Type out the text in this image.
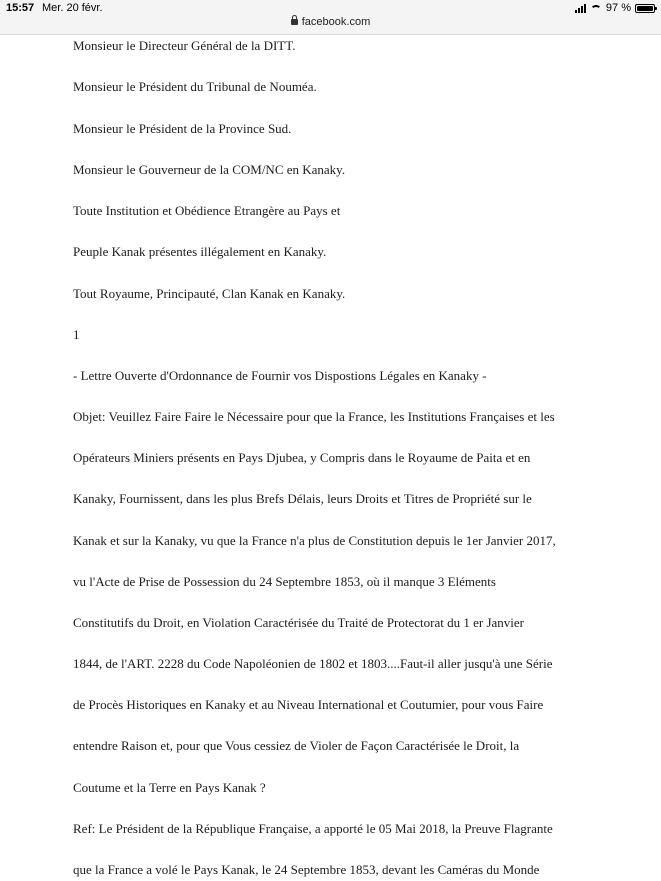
15:57 Mer. 20 févr.
facebook.com
97 %
Monsieur le Directeur Général de la DITT.
Monsieur le Président du Tribunal de Nouméa.
Monsieur le Président de la Province Sud.
Monsieur le Gouverneur de la COM/NC en Kanaky.
Toute Institution et Obédience Etrangère au Pays et
Peuple Kanak présentes illégalement en Kanaky.
Tout Royaume, Principauté, Clan Kanak en Kanaky.
1
- Lettre Ouverte d'Ordonnance de Fournir vos Dispostions Légales en Kanaky -
Objet: Veuillez Faire Faire le Nécessaire pour que la France, les Institutions Françaises et les
Opérateurs Miniers présents en Pays Djubea, y Compris dans le Royaume de Paita et en
Kanaky, Fournissent, dans les plus Brefs Délais, leurs Droits et Titres de Propriété sur le
Kanak et sur la Kanaky, vu que la France n'a plus de Constitution depuis le 1er Janvier 2017,
vu l'Acte de Prise de Possession du 24 Septembre 1853, où il manque 3 Eléments
Constitutifs du Droit, en Violation Caractérisée du Traité de Protectorat du 1 er Janvier
1844, de l'ART. 2228 du Code Napoléonien de 1802 et 1803....Faut-il aller jusqu'à une Série
de Procès Historiques en Kanaky et au Niveau International et Coutumier, pour vous Faire
entendre Raison et, pour que Vous cessiez de Violer de Façon Caractérisée le Droit, la
Coutume et la Terre en Pays Kanak ?
Ref: Le Président de la République Française, a apporté le 05 Mai 2018, la Preuve Flagrante
que la France a volé le Pays Kanak, le 24 Septembre 1853, devant les Caméras du Monde
